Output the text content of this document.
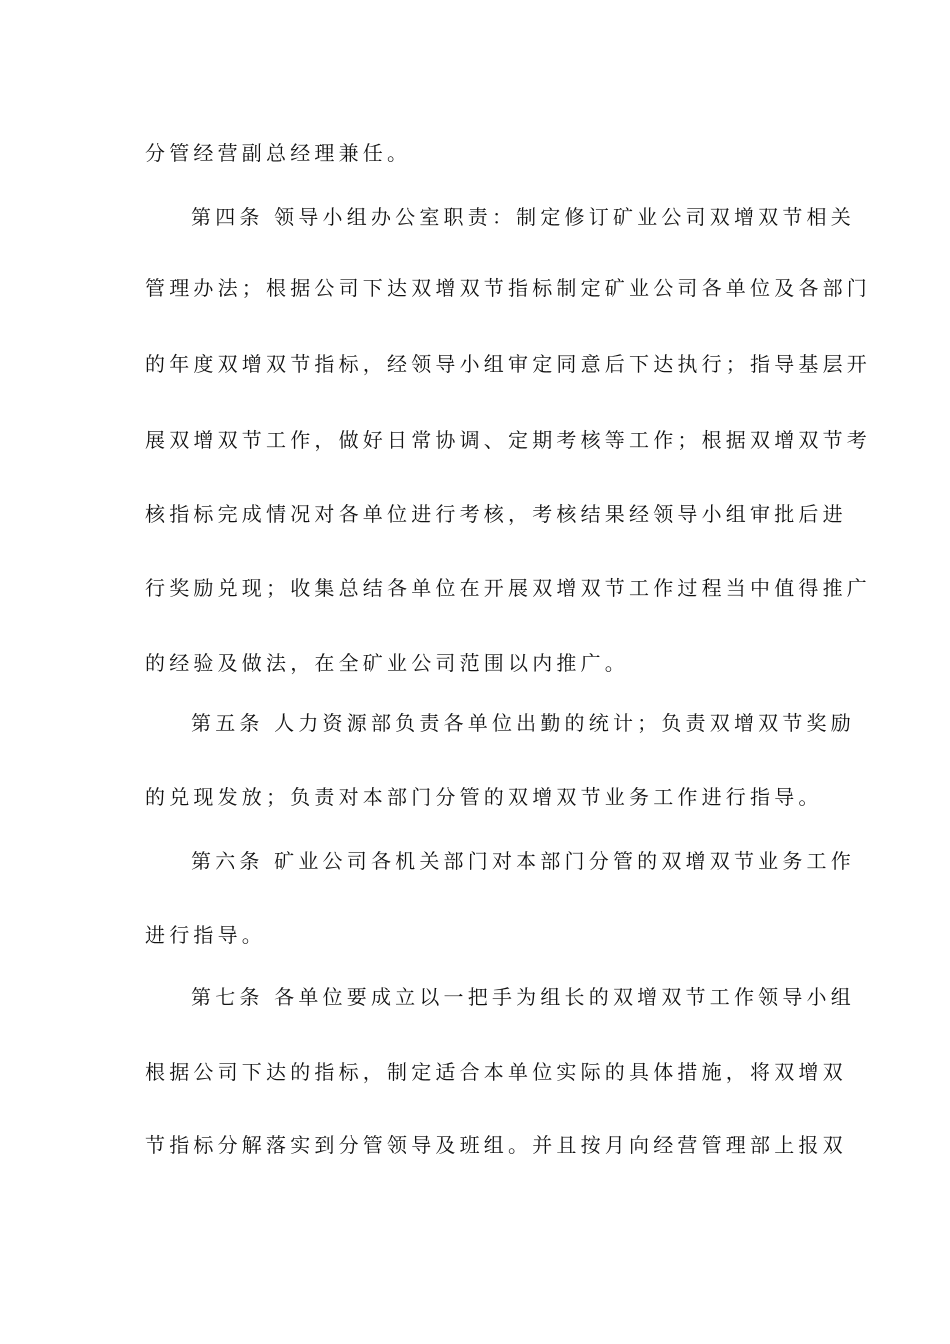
分管经营副总经理兼任。
第四条 领导小组办公室职责：制定修订矿业公司双增双节相关
管理办法；根据公司下达双增双节指标制定矿业公司各单位及各部门
的年度双增双节指标，经领导小组审定同意后下达执行；指导基层开
展双增双节工作，做好日常协调、定期考核等工作；根据双增双节考
核指标完成情况对各单位进行考核，考核结果经领导小组审批后进
行奖励兑现；收集总结各单位在开展双增双节工作过程当中值得推广
的经验及做法，在全矿业公司范围以内推广。
第五条 人力资源部负责各单位出勤的统计；负责双增双节奖励
的兑现发放；负责对本部门分管的双增双节业务工作进行指导。
第六条 矿业公司各机关部门对本部门分管的双增双节业务工作
进行指导。
第七条 各单位要成立以一把手为组长的双增双节工作领导小组
根据公司下达的指标，制定适合本单位实际的具体措施，将双增双
节指标分解落实到分管领导及班组。并且按月向经营管理部上报双
